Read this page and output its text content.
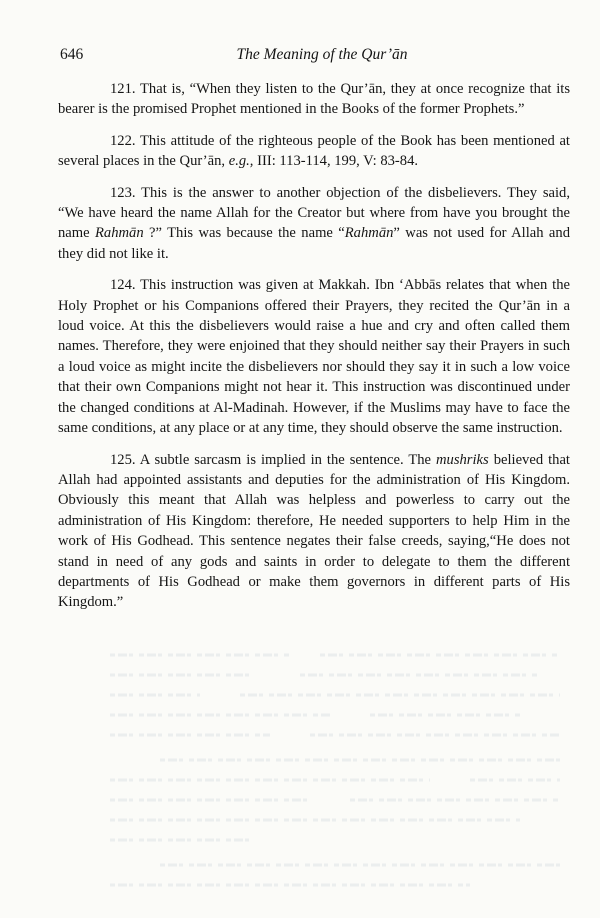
646	The Meaning of the Qur’ān

121. That is, “When they listen to the Qur’ān, they at once recognize that its bearer is the promised Prophet mentioned in the Books of the former Prophets.”

122. This attitude of the righteous people of the Book has been mentioned at several places in the Qur’ān, e.g., III: 113-114, 199, V: 83-84.

123. This is the answer to another objection of the disbelievers. They said, “We have heard the name Allah for the Creator but where from have you brought the name Rahmān ?” This was because the name “Rahmān” was not used for Allah and they did not like it.

124. This instruction was given at Makkah. Ibn ‘Abbās relates that when the Holy Prophet or his Companions offered their Prayers, they recited the Qur’ān in a loud voice. At this the disbelievers would raise a hue and cry and often called them names. Therefore, they were enjoined that they should neither say their Prayers in such a loud voice as might incite the disbelievers nor should they say it in such a low voice that their own Companions might not hear it. This instruction was discontinued under the changed conditions at Al-Madinah. However, if the Muslims may have to face the same conditions, at any place or at any time, they should observe the same instruction.

125. A subtle sarcasm is implied in the sentence. The mushriks believed that Allah had appointed assistants and deputies for the administration of His Kingdom. Obviously this meant that Allah was helpless and powerless to carry out the administration of His Kingdom: therefore, He needed supporters to help Him in the work of His Godhead. This sentence negates their false creeds, saying,“He does not stand in need of any gods and saints in order to delegate to them the different departments of His Godhead or make them governors in different parts of His Kingdom.”
